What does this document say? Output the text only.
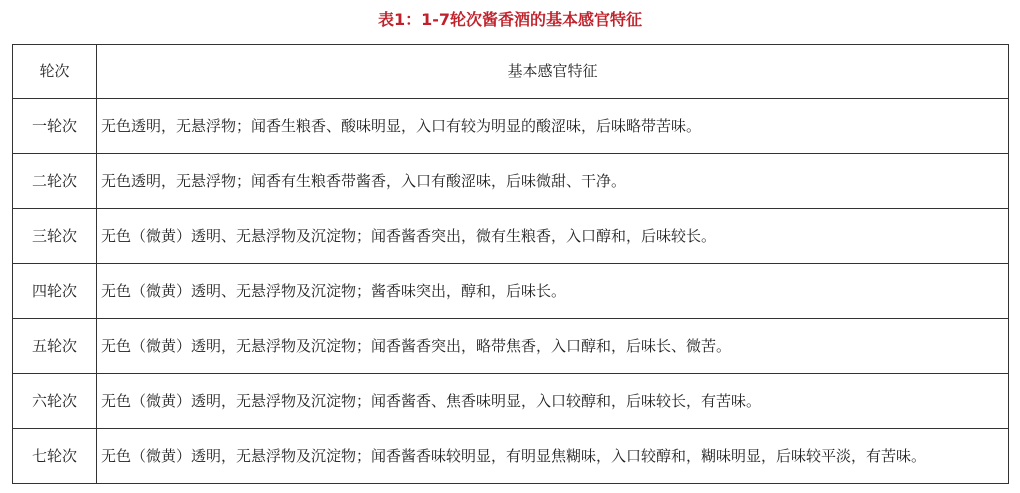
表1：1-7轮次酱香酒的基本感官特征
轮次	基本感官特征
一轮次	无色透明，无悬浮物；闻香生粮香、酸味明显，入口有较为明显的酸涩味，后味略带苦味。
二轮次	无色透明，无悬浮物；闻香有生粮香带酱香，入口有酸涩味，后味微甜、干净。
三轮次	无色（微黄）透明、无悬浮物及沉淀物；闻香酱香突出，微有生粮香，入口醇和，后味较长。
四轮次	无色（微黄）透明、无悬浮物及沉淀物；酱香味突出，醇和，后味长。
五轮次	无色（微黄）透明，无悬浮物及沉淀物；闻香酱香突出，略带焦香，入口醇和，后味长、微苦。
六轮次	无色（微黄）透明，无悬浮物及沉淀物；闻香酱香、焦香味明显，入口较醇和，后味较长，有苦味。
七轮次	无色（微黄）透明，无悬浮物及沉淀物；闻香酱香味较明显，有明显焦糊味，入口较醇和，糊味明显，后味较平淡，有苦味。
